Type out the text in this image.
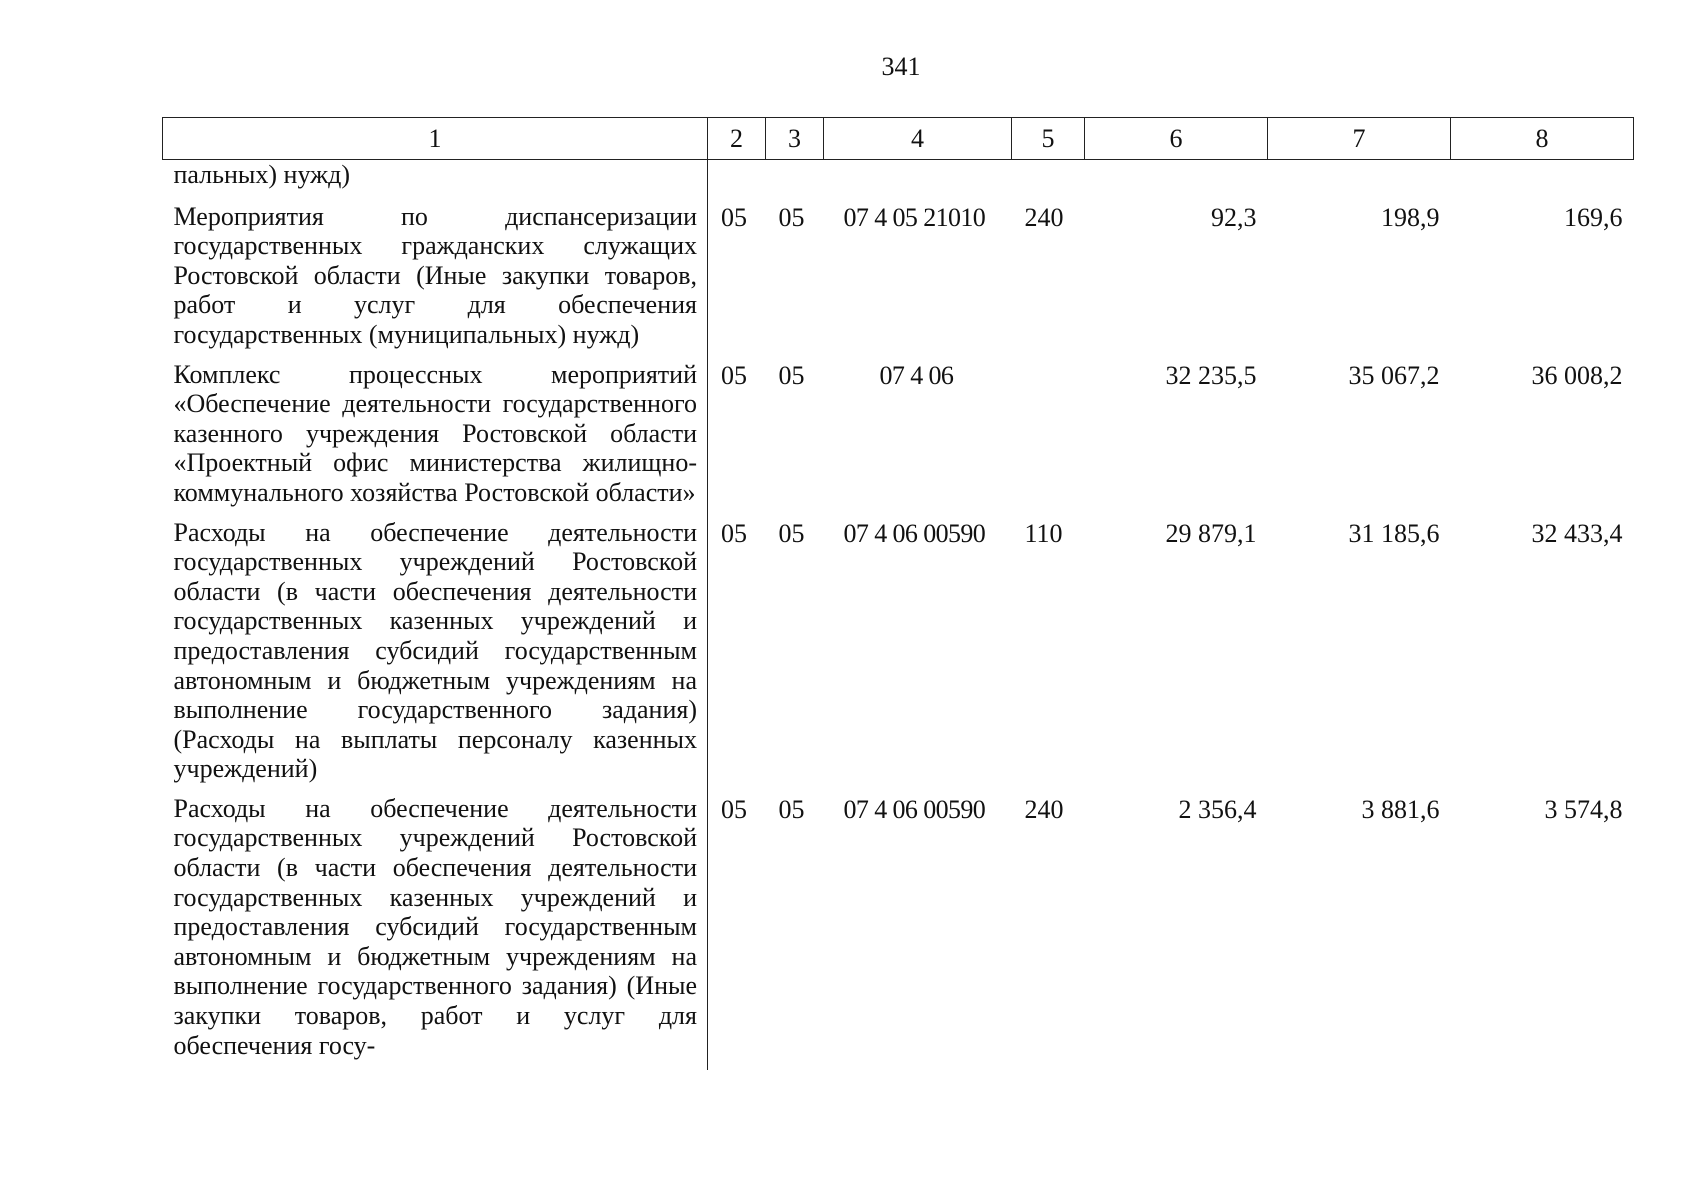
341
1	2	3	4	5	6	7	8
пальных) нужд)							
Мероприятия по диспансеризации государственных гражданских служащих Ростовской области (Иные закупки товаров, работ и услуг для обеспечения государственных (муниципальных) нужд)	05	05	07 4 05 21010	240	92,3	198,9	169,6
Комплекс процессных мероприятий «Обеспечение деятельности государственного казенного учреждения Ростовской области «Проектный офис министерства жилищно-коммунального хозяйства Ростовской области»	05	05	07 4 06		32 235,5	35 067,2	36 008,2
Расходы на обеспечение деятельности государственных учреждений Ростовской области (в части обеспечения деятельности государственных казенных учреждений и предоставления субсидий государственным автономным и бюджетным учреждениям на выполнение государственного задания) (Расходы на выплаты персоналу казенных учреждений)	05	05	07 4 06 00590	110	29 879,1	31 185,6	32 433,4
Расходы на обеспечение деятельности государственных учреждений Ростовской области (в части обеспечения деятельности государственных казенных учреждений и предоставления субсидий государственным автономным и бюджетным учреждениям на выполнение государственного задания) (Иные закупки товаров, работ и услуг для обеспечения госу-	05	05	07 4 06 00590	240	2 356,4	3 881,6	3 574,8
